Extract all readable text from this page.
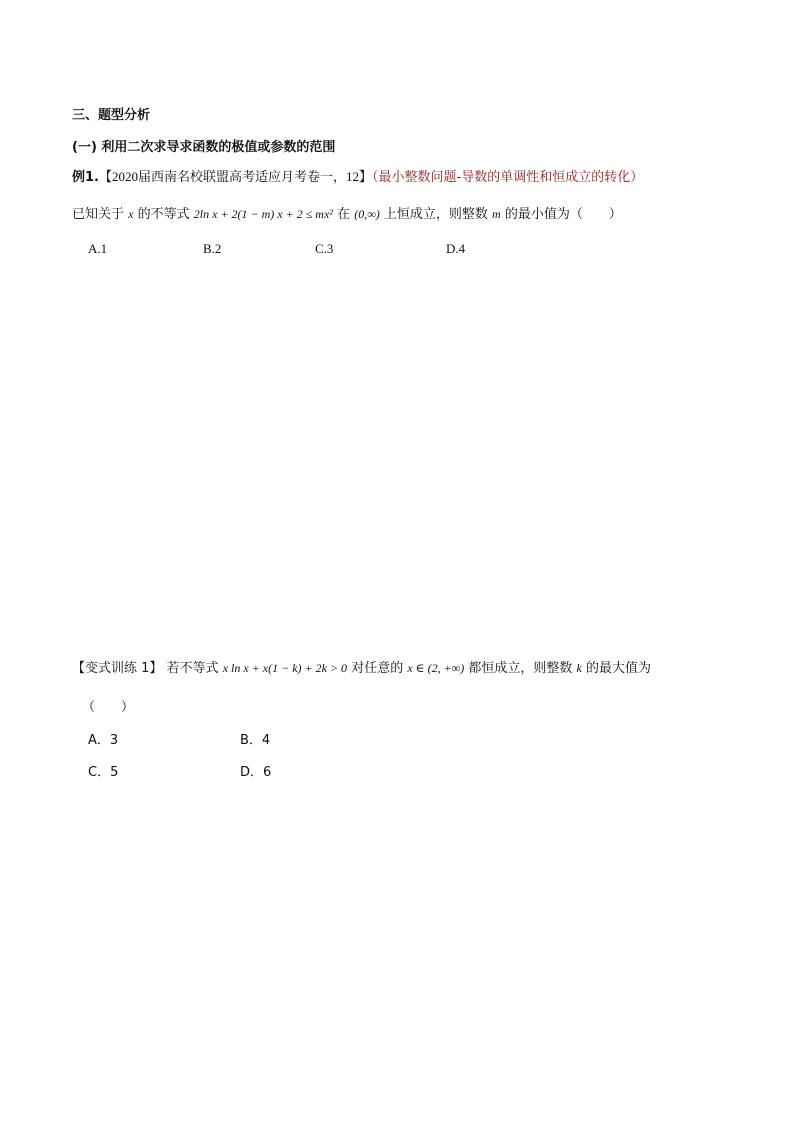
三、题型分析
(一) 利用二次求导求函数的极值或参数的范围
例1.【2020届西南名校联盟高考适应月考卷一，12】（最小整数问题-导数的单调性和恒成立的转化）
已知关于 x 的不等式 2ln x + 2(1 − m) x + 2 ≤ mx² 在 (0,∞) 上恒成立，则整数 m 的最小值为（　　）
A.1	B.2	C.3	D.4
【变式训练 1】 若不等式 x ln x + x(1 − k) + 2k > 0 对任意的 x ∈ (2, +∞) 都恒成立，则整数 k 的最大值为
（　　）
A．3	B．4
C．5	D．6
